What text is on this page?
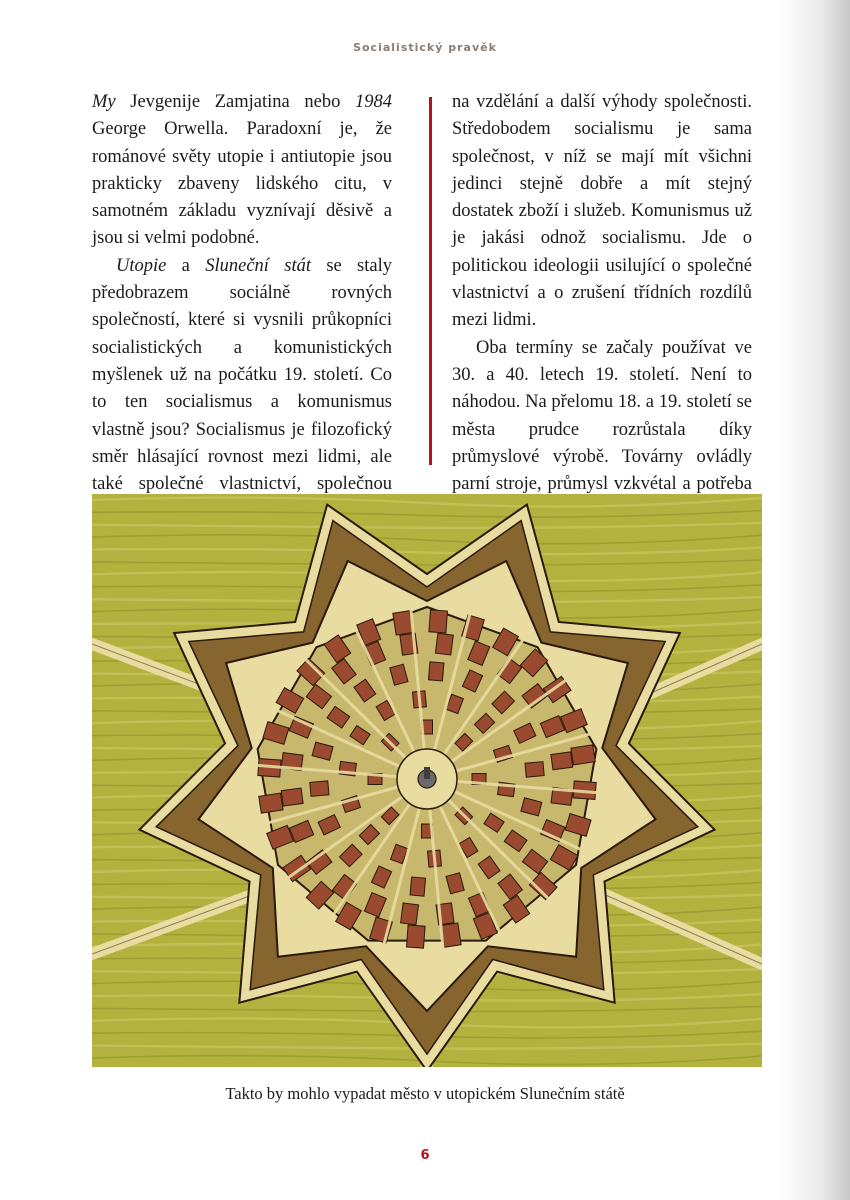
Socialistický pravěk

My Jevgenije Zamjatina nebo 1984 George Orwella. Paradoxní je, že románové světy utopie i antiutopie jsou prakticky zbaveny lidského citu, v samotném základu vyznívají děsivě a jsou si velmi podobné.

Utopie a Sluneční stát se staly předobrazem sociálně rovných společností, které si vysnili průkopníci socialistických a komunistických myšlenek už na počátku 19. století. Co to ten socialismus a komunismus vlastně jsou? Socialismus je filozofický směr hlásající rovnost mezi lidmi, ale také společné vlastnictví, společnou

na vzdělání a další výhody společnosti. Středobodem socialismu je sama společnost, v níž se mají mít všichni jedinci stejně dobře a mít stejný dostatek zboží i služeb. Komunismus už je jakási odnož socialismu. Jde o politickou ideologii usilující o společné vlastnictví a o zrušení třídních rozdílů mezi lidmi.

Oba termíny se začaly používat ve 30. a 40. letech 19. století. Není to náhodou. Na přelomu 18. a 19. století se města prudce rozrůstala díky průmyslové výrobě. Továrny ovládly parní stroje, průmysl vzkvétal a potřeba

Takto by mohlo vypadat město v utopickém Slunečním státě
6
